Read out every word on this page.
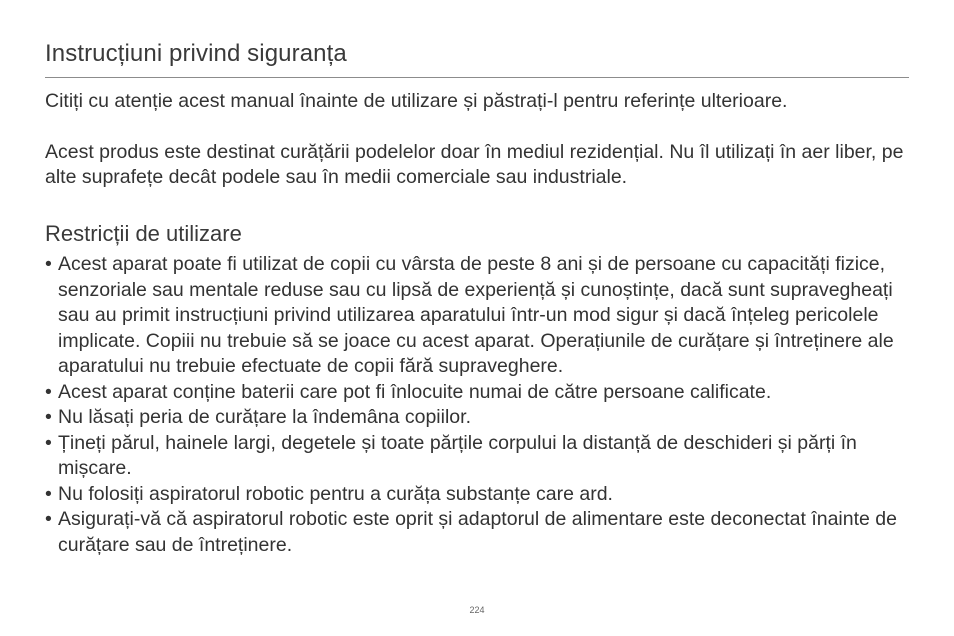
Instrucțiuni privind siguranța

Citiți cu atenție acest manual înainte de utilizare și păstrați-l pentru referințe ulterioare.

Acest produs este destinat curățării podelelor doar în mediul rezidențial. Nu îl utilizați în aer liber, pe alte suprafețe decât podele sau în medii comerciale sau industriale.

Restricții de utilizare
• Acest aparat poate fi utilizat de copii cu vârsta de peste 8 ani și de persoane cu capacități fizice, senzoriale sau mentale reduse sau cu lipsă de experiență și cunoștințe, dacă sunt supravegheați sau au primit instrucțiuni privind utilizarea aparatului într-un mod sigur și dacă înțeleg pericolele implicate. Copiii nu trebuie să se joace cu acest aparat. Operațiunile de curățare și întreținere ale aparatului nu trebuie efectuate de copii fără supraveghere.
• Acest aparat conține baterii care pot fi înlocuite numai de către persoane calificate.
• Nu lăsați peria de curățare la îndemâna copiilor.
• Țineți părul, hainele largi, degetele și toate părțile corpului la distanță de deschideri și părți în mișcare.
• Nu folosiți aspiratorul robotic pentru a curăța substanțe care ard.
• Asigurați-vă că aspiratorul robotic este oprit și adaptorul de alimentare este deconectat înainte de curățare sau de întreținere.
224
